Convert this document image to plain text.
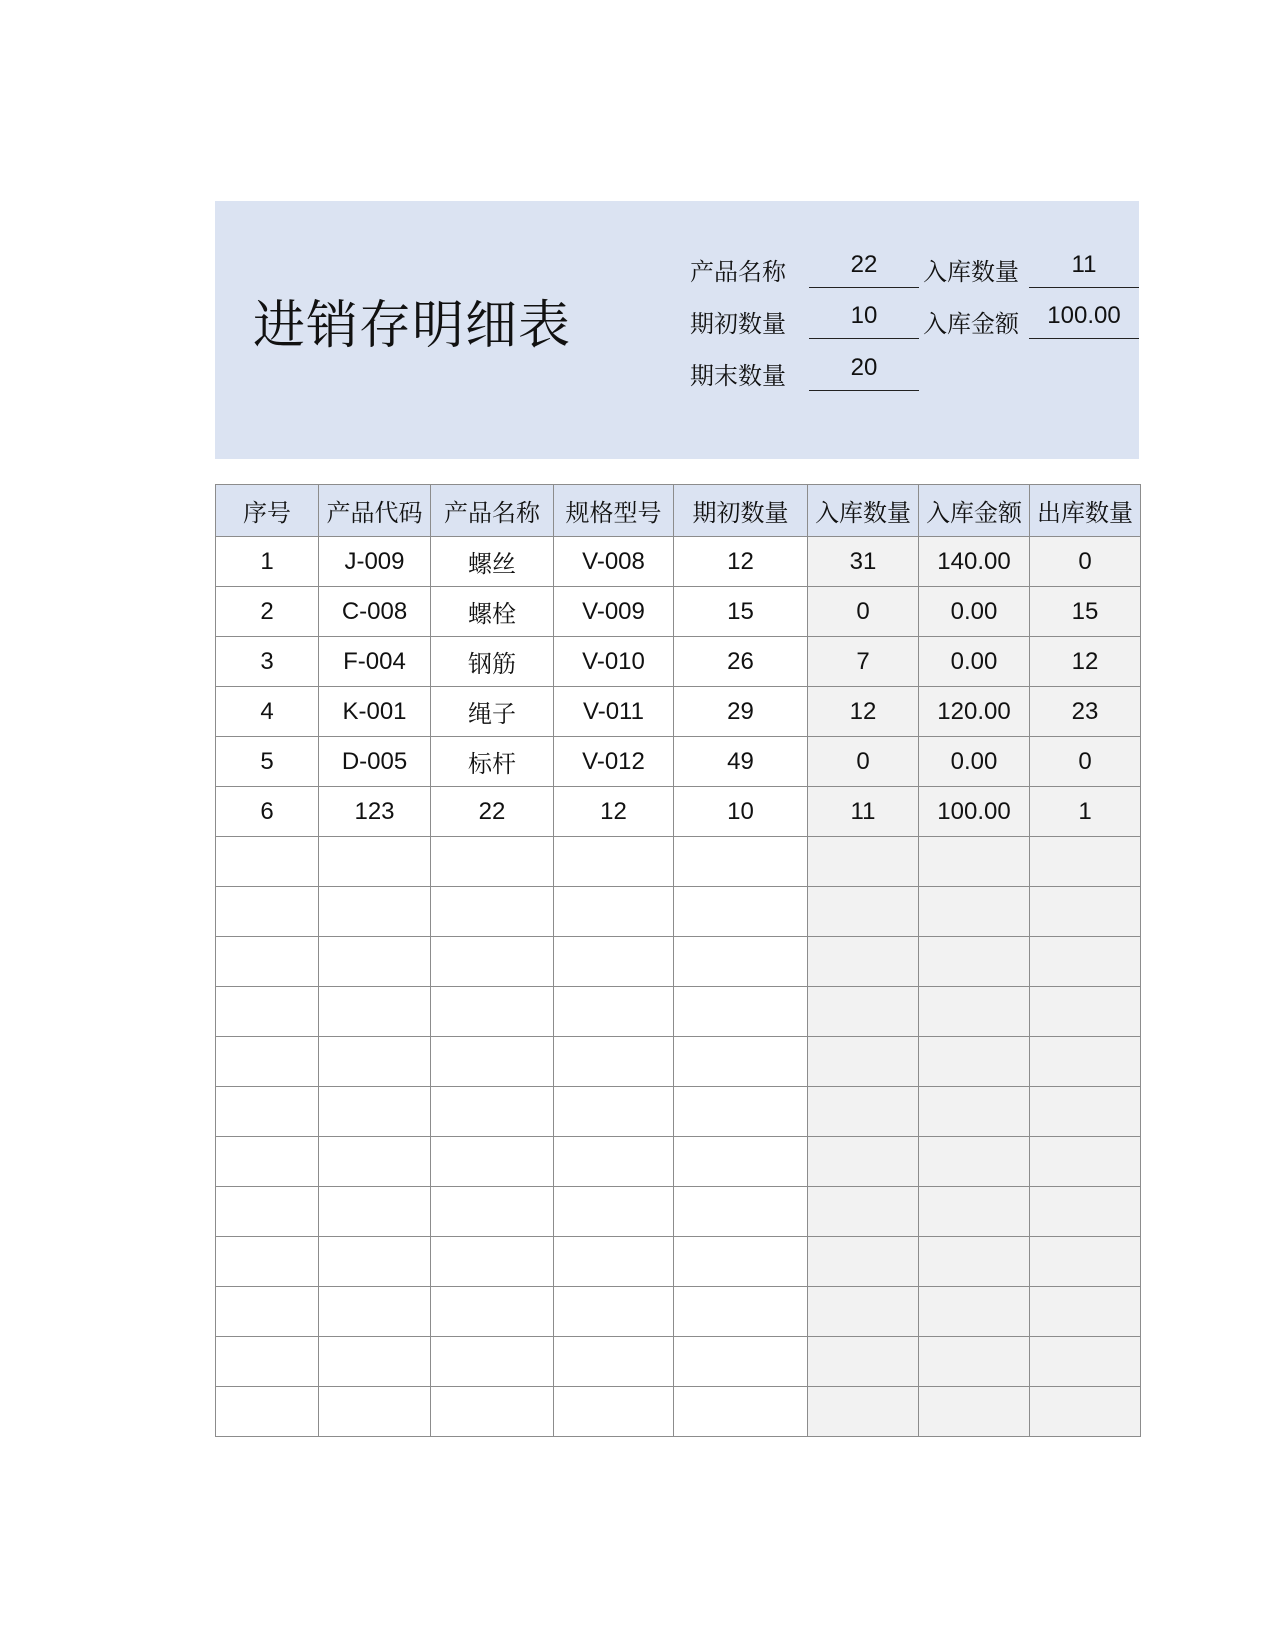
进销存明细表
产品名称	22	入库数量	11
期初数量	10	入库金额	100.00
期末数量	20
序号	产品代码	产品名称	规格型号	期初数量	入库数量	入库金额	出库数量
1	J-009	螺丝	V-008	12	31	140.00	0
2	C-008	螺栓	V-009	15	0	0.00	15
3	F-004	钢筋	V-010	26	7	0.00	12
4	K-001	绳子	V-011	29	12	120.00	23
5	D-005	标杆	V-012	49	0	0.00	0
6	123	22	12	10	11	100.00	1
